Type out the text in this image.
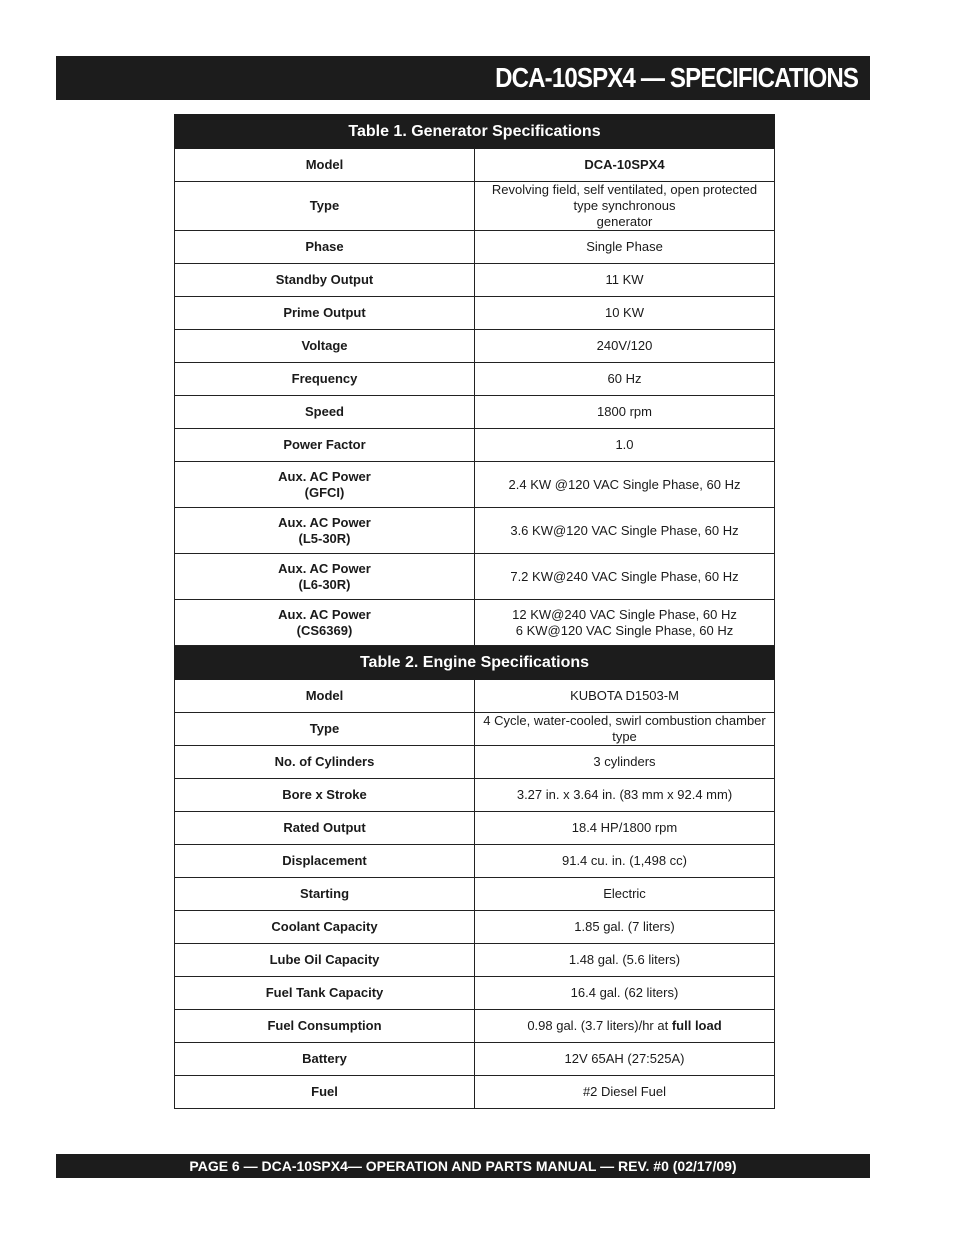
DCA-10SPX4 — SPECIFICATIONS
Table 1. Generator Specifications	
Model	DCA-10SPX4
Type	Revolving field, self ventilated, open protected type synchronous
generator

Phase	Single Phase
Standby Output	11 KW
Prime Output	10 KW
Voltage	240V/120
Frequency	60 Hz
Speed	1800 rpm
Power Factor	1.0

Aux. AC Power
(GFCI)	2.4 KW @120 VAC Single Phase, 60 Hz

Aux. AC Power
(L5-30R)	3.6 KW@120 VAC Single Phase, 60 Hz

Aux. AC Power
(L6-30R)	7.2 KW@240 VAC Single Phase, 60 Hz

Aux. AC Power
(CS6369)	12 KW@240 VAC Single Phase, 60 Hz
6 KW@120 VAC Single Phase, 60 Hz

Table 2. Engine Specifications	
Model	KUBOTA D1503-M
Type	4 Cycle, water-cooled, swirl combustion chamber type
No. of Cylinders	3 cylinders
Bore x Stroke	3.27 in. x 3.64 in. (83 mm x 92.4 mm)
Rated Output	18.4 HP/1800 rpm
Displacement	91.4 cu. in. (1,498 cc)
Starting	Electric
Coolant Capacity	1.85 gal. (7 liters)
Lube Oil Capacity	1.48 gal. (5.6 liters)
Fuel Tank Capacity	16.4 gal. (62 liters)
Fuel Consumption	0.98 gal. (3.7 liters)/hr at full load
Battery	12V 65AH (27:525A)
Fuel	#2 Diesel Fuel
PAGE 6 — DCA-10SPX4— OPERATION AND PARTS MANUAL — REV. #0 (02/17/09)
